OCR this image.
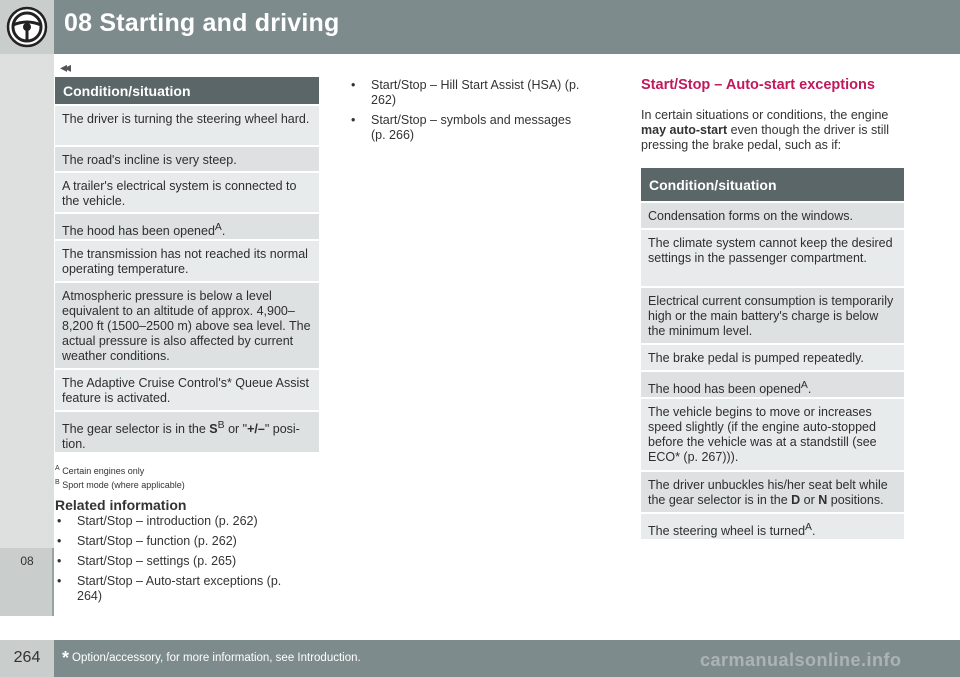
08 Starting and driving
08
◂◂
Condition/situation
The driver is turning the steering wheel hard.
The road's incline is very steep.
A trailer's electrical system is connected to the vehicle.
The hood has been opened$^A$.
The transmission has not reached its normal operating temperature.
Atmospheric pressure is below a level equivalent to an altitude of approx. 4,900–8,200 ft (1500–2500 m) above sea level. The actual pressure is also affected by current weather conditions.
The Adaptive Cruise Control's* Queue Assist feature is activated.
The gear selector is in the $S^B$ or "+/–" position.
$^A$ Certain engines only
$^B$ Sport mode (where applicable)
Related information
• Start/Stop – introduction (p. 262)
• Start/Stop – function (p. 262)
• Start/Stop – settings (p. 265)
• Start/Stop – Auto-start exceptions (p. 264)
• Start/Stop – Hill Start Assist (HSA) (p. 262)
• Start/Stop – symbols and messages (p. 266)
Start/Stop – Auto-start exceptions
In certain situations or conditions, the engine may auto-start even though the driver is still pressing the brake pedal, such as if:
Condition/situation
Condensation forms on the windows.
The climate system cannot keep the desired settings in the passenger compartment.
Electrical current consumption is temporarily high or the main battery's charge is below the minimum level.
The brake pedal is pumped repeatedly.
The hood has been opened$^A$.
The vehicle begins to move or increases speed slightly (if the engine auto-stopped before the vehicle was at a standstill (see ECO* (p. 267))).
The driver unbuckles his/her seat belt while the gear selector is in the D or N positions.
The steering wheel is turned$^A$.
264	* Option/accessory, for more information, see Introduction.	carmanualsonline.info
